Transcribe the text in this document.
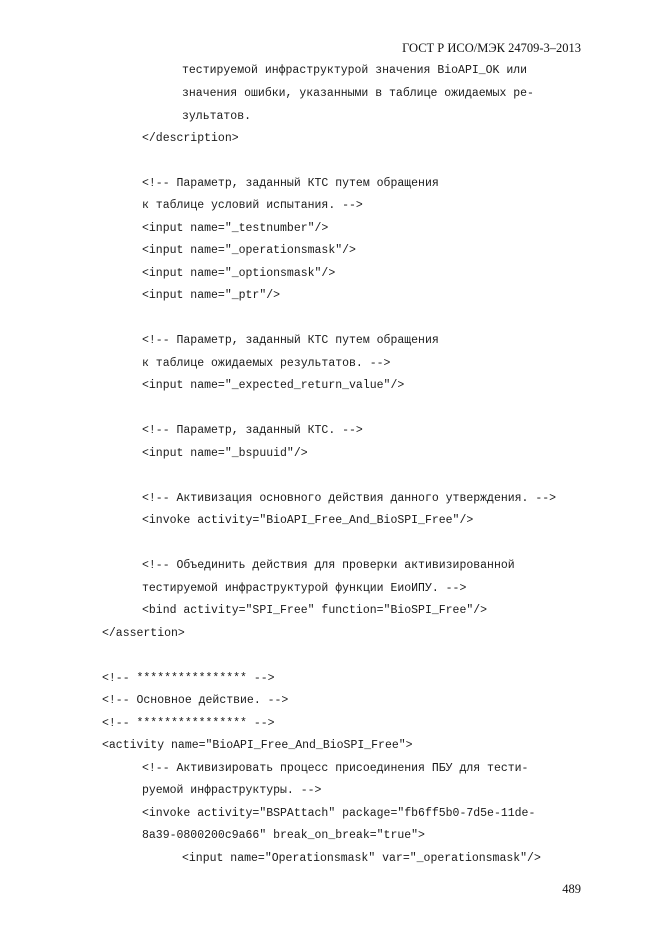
ГОСТ Р ИСО/МЭК 24709-3–2013
тестируемой инфраструктурой значения BioAPI_OK или
значения ошибки, указанными в таблице ожидаемых ре-
зультатов.
</description>
<!-- Параметр, заданный КТС путем обращения
к таблице условий испытания. -->
<input name="_testnumber"/>
<input name="_operationsmask"/>
<input name="_optionsmask"/>
<input name="_ptr"/>
<!-- Параметр, заданный КТС путем обращения
к таблице ожидаемых результатов. -->
<input name="_expected_return_value"/>
<!-- Параметр, заданный КТС. -->
<input name="_bspuuid"/>
<!-- Активизация основного действия данного утверждения. -->
<invoke activity="BioAPI_Free_And_BioSPI_Free"/>
<!-- Объединить действия для проверки активизированной
тестируемой инфраструктурой функции ЕиоИПУ. -->
<bind activity="SPI_Free" function="BioSPI_Free"/>
</assertion>
<!-- **************** -->
<!-- Основное действие. -->
<!-- **************** -->
<activity name="BioAPI_Free_And_BioSPI_Free">
<!-- Активизировать процесс присоединения ПБУ для тести-
руемой инфраструктуры. -->
<invoke activity="BSPAttach" package="fb6ff5b0-7d5e-11de-
8a39-0800200c9a66" break_on_break="true">
<input name="Operationsmask" var="_operationsmask"/>
489
